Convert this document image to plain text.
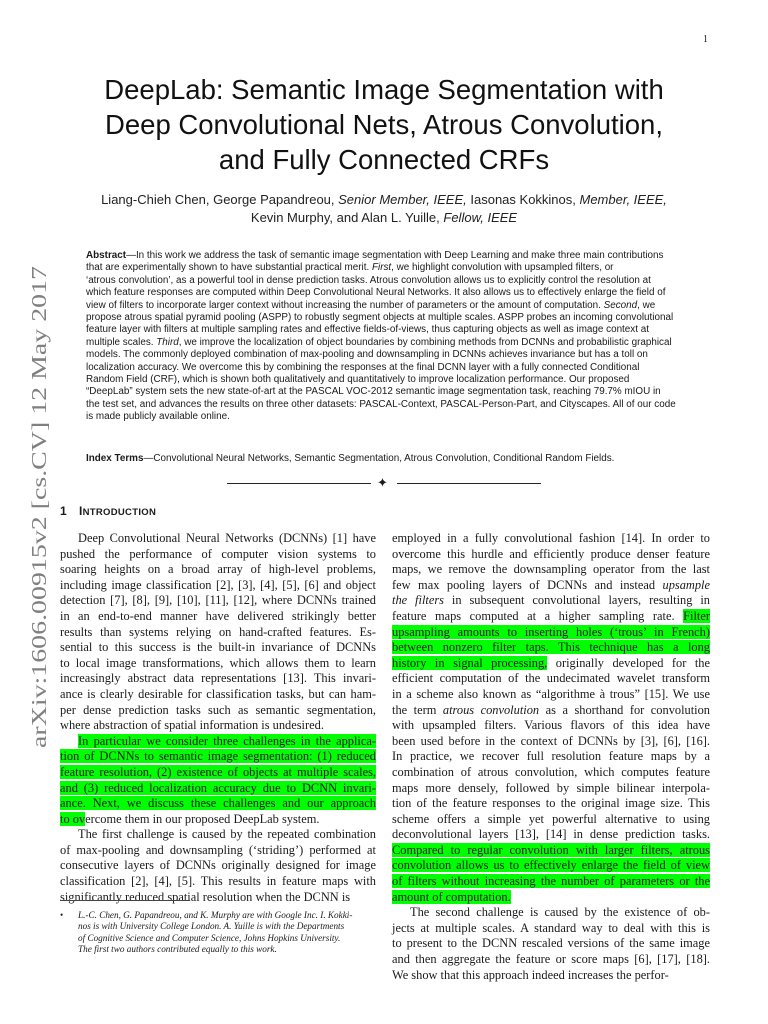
1
arXiv:1606.00915v2 [cs.CV] 12 May 2017
DeepLab: Semantic Image Segmentation with
Deep Convolutional Nets, Atrous Convolution,
and Fully Connected CRFs
Liang-Chieh Chen, George Papandreou, Senior Member, IEEE, Iasonas Kokkinos, Member, IEEE,
Kevin Murphy, and Alan L. Yuille, Fellow, IEEE
Abstract—In this work we address the task of semantic image segmentation with Deep Learning and make three main contributions
that are experimentally shown to have substantial practical merit. First, we highlight convolution with upsampled filters, or
‘atrous convolution’, as a powerful tool in dense prediction tasks. Atrous convolution allows us to explicitly control the resolution at
which feature responses are computed within Deep Convolutional Neural Networks. It also allows us to effectively enlarge the field of
view of filters to incorporate larger context without increasing the number of parameters or the amount of computation. Second, we
propose atrous spatial pyramid pooling (ASPP) to robustly segment objects at multiple scales. ASPP probes an incoming convolutional
feature layer with filters at multiple sampling rates and effective fields-of-views, thus capturing objects as well as image context at
multiple scales. Third, we improve the localization of object boundaries by combining methods from DCNNs and probabilistic graphical
models. The commonly deployed combination of max-pooling and downsampling in DCNNs achieves invariance but has a toll on
localization accuracy. We overcome this by combining the responses at the final DCNN layer with a fully connected Conditional
Random Field (CRF), which is shown both qualitatively and quantitatively to improve localization performance. Our proposed
“DeepLab” system sets the new state-of-art at the PASCAL VOC-2012 semantic image segmentation task, reaching 79.7% mIOU in
the test set, and advances the results on three other datasets: PASCAL-Context, PASCAL-Person-Part, and Cityscapes. All of our code
is made publicly available online.
Index Terms—Convolutional Neural Networks, Semantic Segmentation, Atrous Convolution, Conditional Random Fields.
✦
1 INTRODUCTION
Deep Convolutional Neural Networks (DCNNs) [1] have
pushed the performance of computer vision systems to
soaring heights on a broad array of high-level problems,
including image classification [2], [3], [4], [5], [6] and object
detection [7], [8], [9], [10], [11], [12], where DCNNs trained
in an end-to-end manner have delivered strikingly better
results than systems relying on hand-crafted features. Es-
sential to this success is the built-in invariance of DCNNs
to local image transformations, which allows them to learn
increasingly abstract data representations [13]. This invari-
ance is clearly desirable for classification tasks, but can ham-
per dense prediction tasks such as semantic segmentation,
where abstraction of spatial information is undesired.
In particular we consider three challenges in the applica-
tion of DCNNs to semantic image segmentation: (1) reduced
feature resolution, (2) existence of objects at multiple scales,
and (3) reduced localization accuracy due to DCNN invari-
ance. Next, we discuss these challenges and our approach
to overcome them in our proposed DeepLab system.
The first challenge is caused by the repeated combination
of max-pooling and downsampling (‘striding’) performed at
consecutive layers of DCNNs originally designed for image
classification [2], [4], [5]. This results in feature maps with
significantly reduced spatial resolution when the DCNN is
employed in a fully convolutional fashion [14]. In order to
overcome this hurdle and efficiently produce denser feature
maps, we remove the downsampling operator from the last
few max pooling layers of DCNNs and instead upsample
the filters in subsequent convolutional layers, resulting in
feature maps computed at a higher sampling rate. Filter
upsampling amounts to inserting holes (‘trous’ in French)
between nonzero filter taps. This technique has a long
history in signal processing, originally developed for the
efficient computation of the undecimated wavelet transform
in a scheme also known as “algorithme à trous” [15]. We use
the term atrous convolution as a shorthand for convolution
with upsampled filters. Various flavors of this idea have
been used before in the context of DCNNs by [3], [6], [16].
In practice, we recover full resolution feature maps by a
combination of atrous convolution, which computes feature
maps more densely, followed by simple bilinear interpola-
tion of the feature responses to the original image size. This
scheme offers a simple yet powerful alternative to using
deconvolutional layers [13], [14] in dense prediction tasks.
Compared to regular convolution with larger filters, atrous
convolution allows us to effectively enlarge the field of view
of filters without increasing the number of parameters or the
amount of computation.
The second challenge is caused by the existence of ob-
jects at multiple scales. A standard way to deal with this is
to present to the DCNN rescaled versions of the same image
and then aggregate the feature or score maps [6], [17], [18].
We show that this approach indeed increases the perfor-
• L.-C. Chen, G. Papandreou, and K. Murphy are with Google Inc. I. Kokki-
nos is with University College London. A. Yuille is with the Departments
of Cognitive Science and Computer Science, Johns Hopkins University.
The first two authors contributed equally to this work.
